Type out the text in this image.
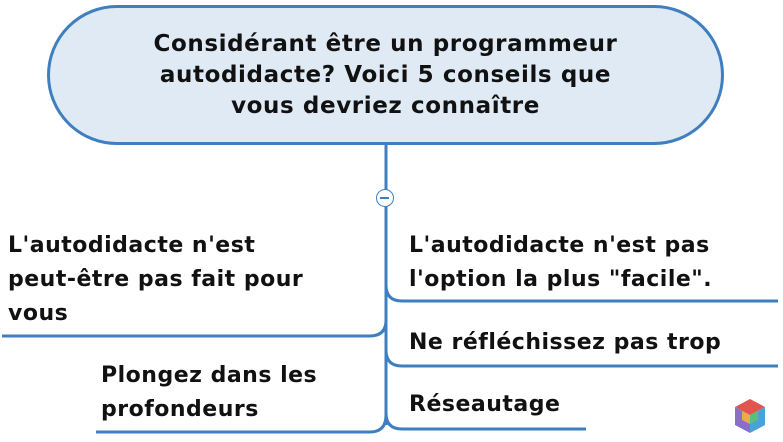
Considérant être un programmeur
autodidacte? Voici 5 conseils que
vous devriez connaître
L'autodidacte n'est
peut-être pas fait pour
vous
Plongez dans les
profondeurs
L'autodidacte n'est pas
l'option la plus "facile".
Ne réfléchissez pas trop
Réseautage
